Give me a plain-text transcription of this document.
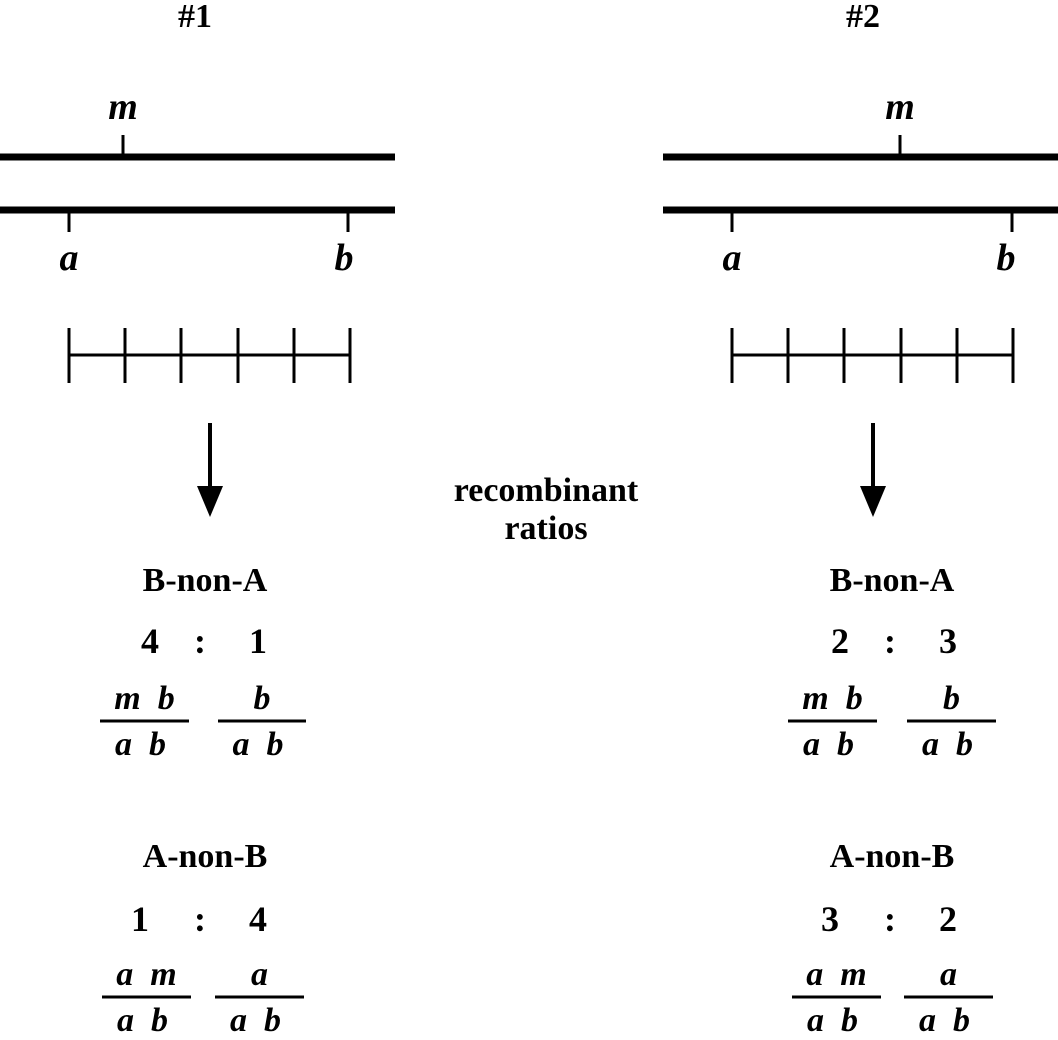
#1
m
a	b
B-non-A
4 :	1
m  b
a  b
b
a  b
A-non-B
1	:	4
a  m
a  b
a
a  b
recombinant
ratios
#2
m
a	b
B-non-A
2 :	3
m  b
a  b
b
a  b
A-non-B
3	:	2
a  m
a  b
a
a  b
